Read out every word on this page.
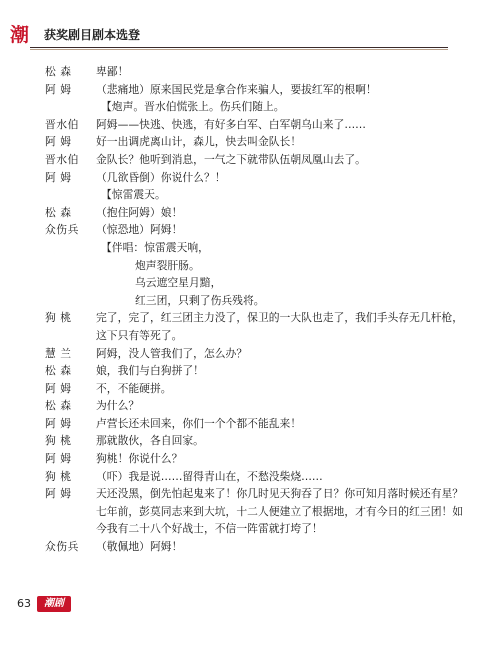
潮 获奖剧目剧本选登
松 森	卑鄙！
阿 姆	（悲痛地）原来国民党是拿合作来骗人，要拔红军的根啊！
【炮声。晋水伯慌张上。伤兵们随上。
晋水伯	阿姆——快逃、快逃，有好多白军、白军朝乌山来了……
阿 姆	好一出调虎离山计，森儿，快去叫金队长！
晋水伯	金队长？他听到消息，一气之下就带队伍朝凤凰山去了。
阿 姆	（几欲昏倒）你说什么？！
【惊雷震天。
松 森	（抱住阿姆）娘！
众伤兵	（惊恐地）阿姆！
【伴唱：惊雷震天响，
炮声裂肝肠。
乌云遮空星月黯，
红三团，只剩了伤兵残将。
狗 桃	完了，完了，红三团主力没了，保卫的一大队也走了，我们手头存无几杆枪，这下只有等死了。
慧 兰	阿姆，没人管我们了，怎么办？
松 森	娘，我们与白狗拼了！
阿 姆	不，不能硬拼。
松 森	为什么？
阿 姆	卢营长还未回来，你们一个个都不能乱来！
狗 桃	那就散伙，各自回家。
阿 姆	狗桃！你说什么？
狗 桃	（吓）我是说……留得青山在，不愁没柴烧……
阿 姆	天还没黑，倒先怕起鬼来了！你几时见天狗吞了日？你可知月落时候还有星？七年前，彭莫同志来到大坑，十二人便建立了根据地，才有今日的红三团！如今我有二十八个好战士，不信一阵雷就打垮了！
众伤兵	（敬佩地）阿姆！
63	潮剧
